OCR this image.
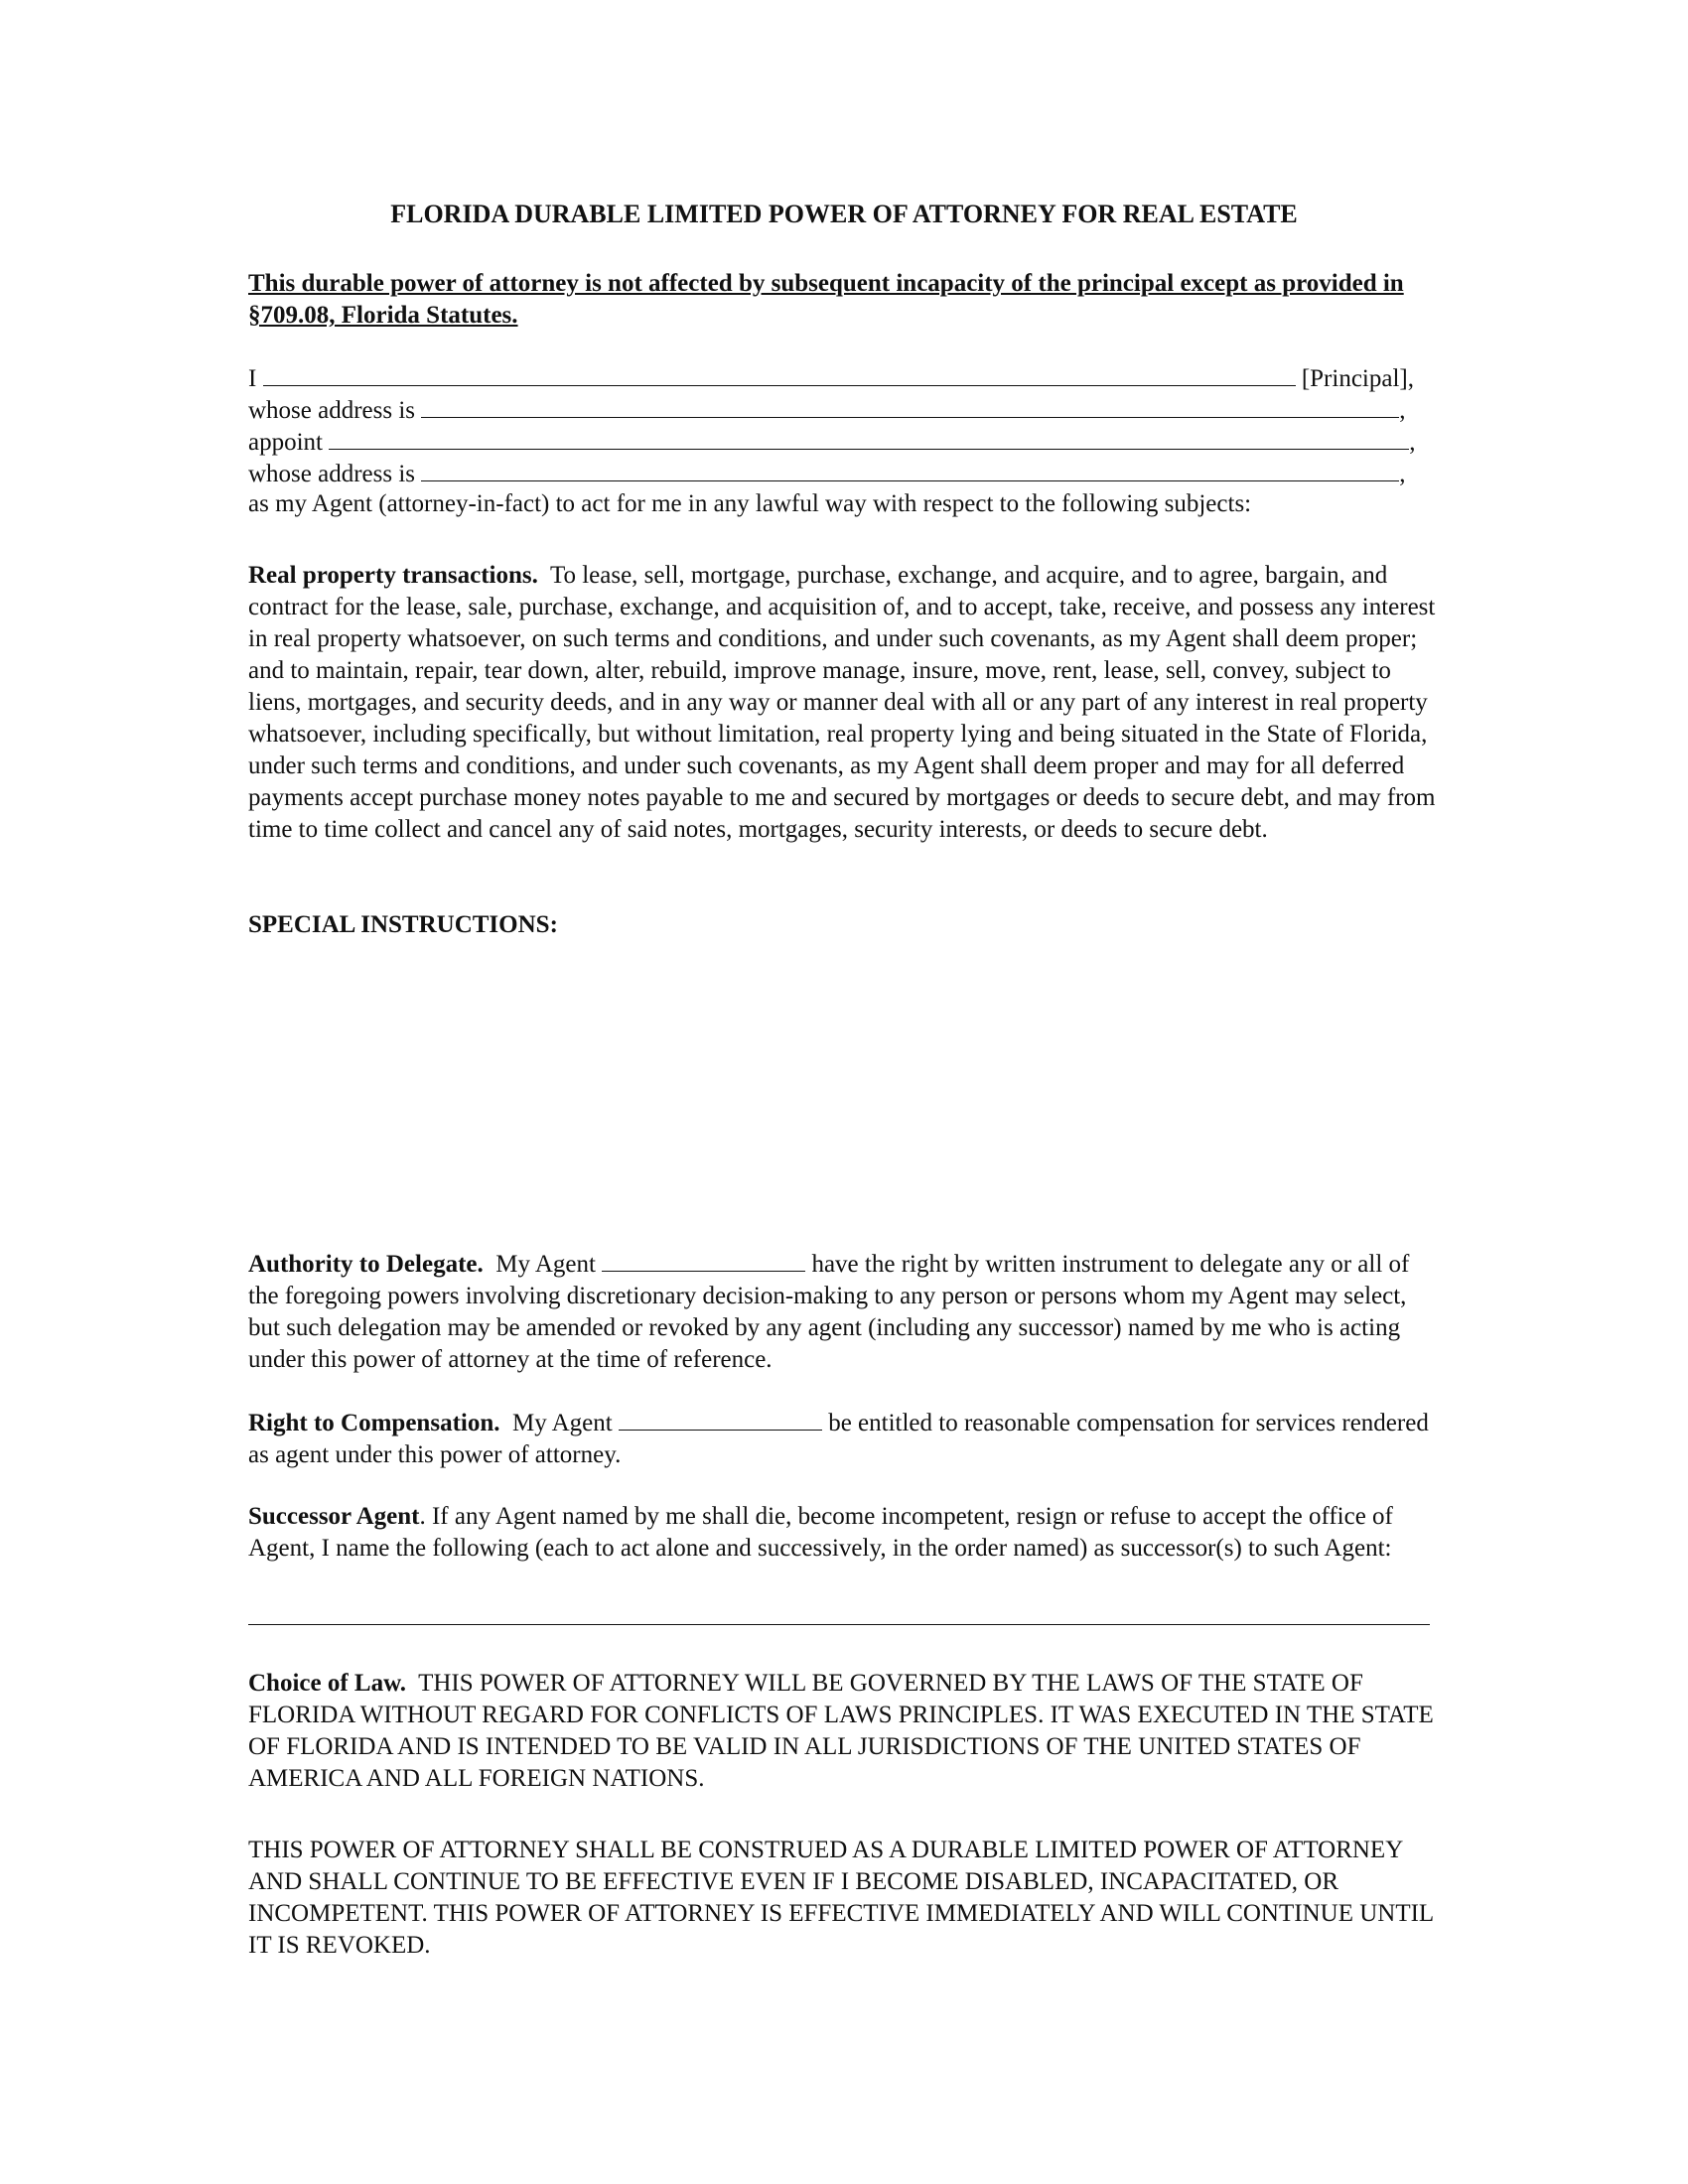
FLORIDA DURABLE LIMITED POWER OF ATTORNEY FOR REAL ESTATE
This durable power of attorney is not affected by subsequent incapacity of the principal except as provided in §709.08, Florida Statutes.
I	[Principal],
whose address is	,
appoint	,
whose address is	,
as my Agent (attorney-in-fact) to act for me in any lawful way with respect to the following subjects:
Real property transactions. To lease, sell, mortgage, purchase, exchange, and acquire, and to agree, bargain, and contract for the lease, sale, purchase, exchange, and acquisition of, and to accept, take, receive, and possess any interest in real property whatsoever, on such terms and conditions, and under such covenants, as my Agent shall deem proper; and to maintain, repair, tear down, alter, rebuild, improve manage, insure, move, rent, lease, sell, convey, subject to liens, mortgages, and security deeds, and in any way or manner deal with all or any part of any interest in real property whatsoever, including specifically, but without limitation, real property lying and being situated in the State of Florida, under such terms and conditions, and under such covenants, as my Agent shall deem proper and may for all deferred payments accept purchase money notes payable to me and secured by mortgages or deeds to secure debt, and may from time to time collect and cancel any of said notes, mortgages, security interests, or deeds to secure debt.
SPECIAL INSTRUCTIONS:
Authority to Delegate. My Agent	have the right by written instrument to delegate any or all of the foregoing powers involving discretionary decision-making to any person or persons whom my Agent may select, but such delegation may be amended or revoked by any agent (including any successor) named by me who is acting under this power of attorney at the time of reference.
Right to Compensation. My Agent	be entitled to reasonable compensation for services rendered as agent under this power of attorney.
Successor Agent. If any Agent named by me shall die, become incompetent, resign or refuse to accept the office of Agent, I name the following (each to act alone and successively, in the order named) as successor(s) to such Agent:
Choice of Law. THIS POWER OF ATTORNEY WILL BE GOVERNED BY THE LAWS OF THE STATE OF FLORIDA WITHOUT REGARD FOR CONFLICTS OF LAWS PRINCIPLES. IT WAS EXECUTED IN THE STATE OF FLORIDA AND IS INTENDED TO BE VALID IN ALL JURISDICTIONS OF THE UNITED STATES OF AMERICA AND ALL FOREIGN NATIONS.
THIS POWER OF ATTORNEY SHALL BE CONSTRUED AS A DURABLE LIMITED POWER OF ATTORNEY AND SHALL CONTINUE TO BE EFFECTIVE EVEN IF I BECOME DISABLED, INCAPACITATED, OR INCOMPETENT. THIS POWER OF ATTORNEY IS EFFECTIVE IMMEDIATELY AND WILL CONTINUE UNTIL IT IS REVOKED.
